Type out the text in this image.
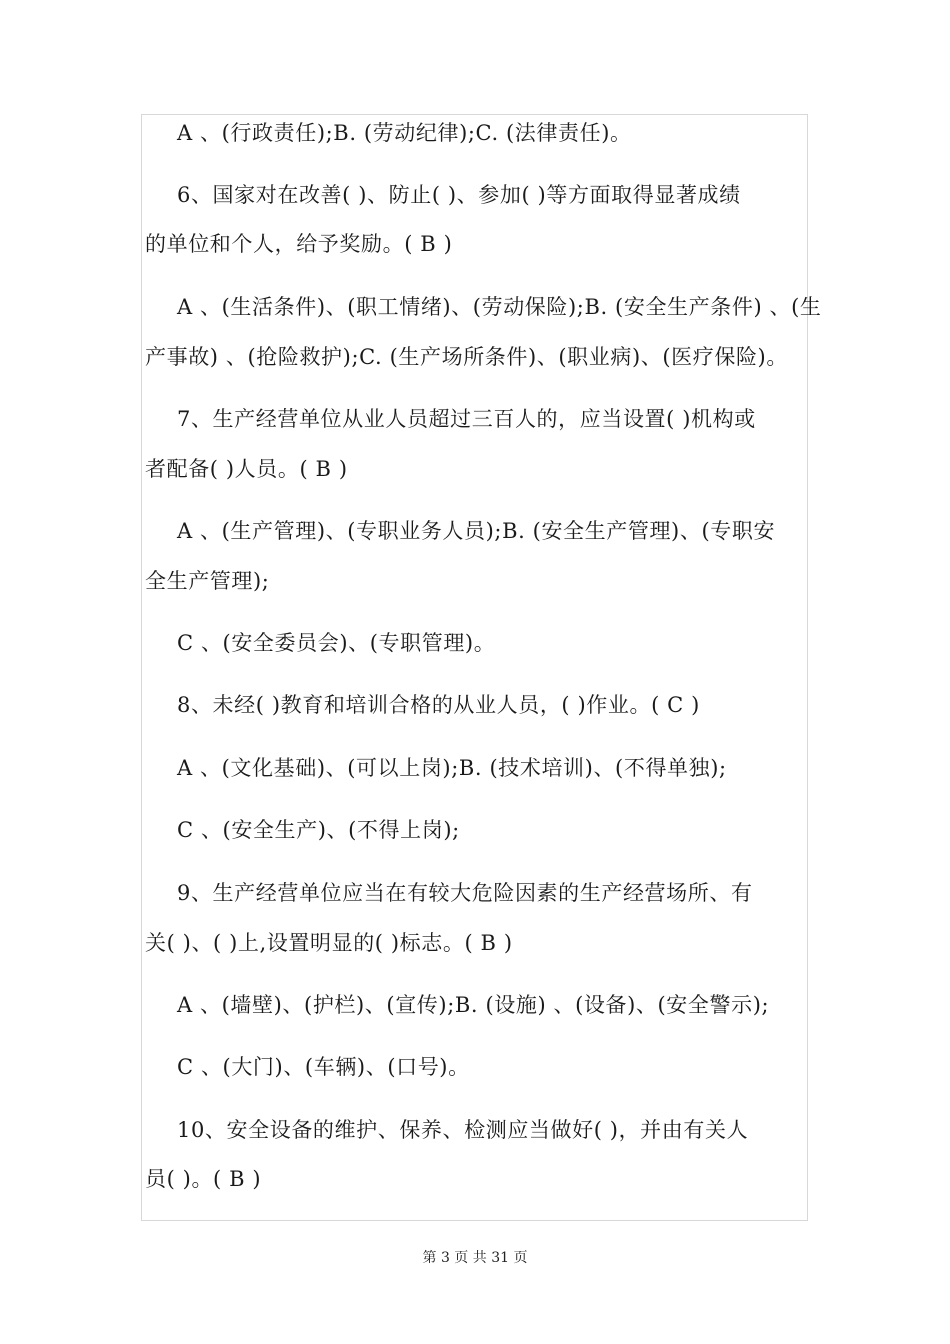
A 、(行政责任);B. (劳动纪律);C. (法律责任)。
6、国家对在改善( )、防止( )、参加( )等方面取得显著成绩
的单位和个人，给予奖励。( B )
A 、(生活条件)、(职工情绪)、(劳动保险);B. (安全生产条件) 、(生
产事故) 、(抢险救护);C. (生产场所条件)、(职业病)、(医疗保险)。
7、生产经营单位从业人员超过三百人的，应当设置( )机构或
者配备( )人员。( B )
A 、(生产管理)、(专职业务人员);B. (安全生产管理)、(专职安
全生产管理);
C 、(安全委员会)、(专职管理)。
8、未经( )教育和培训合格的从业人员，( )作业。( C )
A 、(文化基础)、(可以上岗);B. (技术培训)、(不得单独);
C 、(安全生产)、(不得上岗);
9、生产经营单位应当在有较大危险因素的生产经营场所、有
关( )、( )上,设置明显的( )标志。( B )
A 、(墙壁)、(护栏)、(宣传);B. (设施) 、(设备)、(安全警示);
C 、(大门)、(车辆)、(口号)。
10、安全设备的维护、保养、检测应当做好( )，并由有关人
员( )。( B )
第 3 页 共 31 页
